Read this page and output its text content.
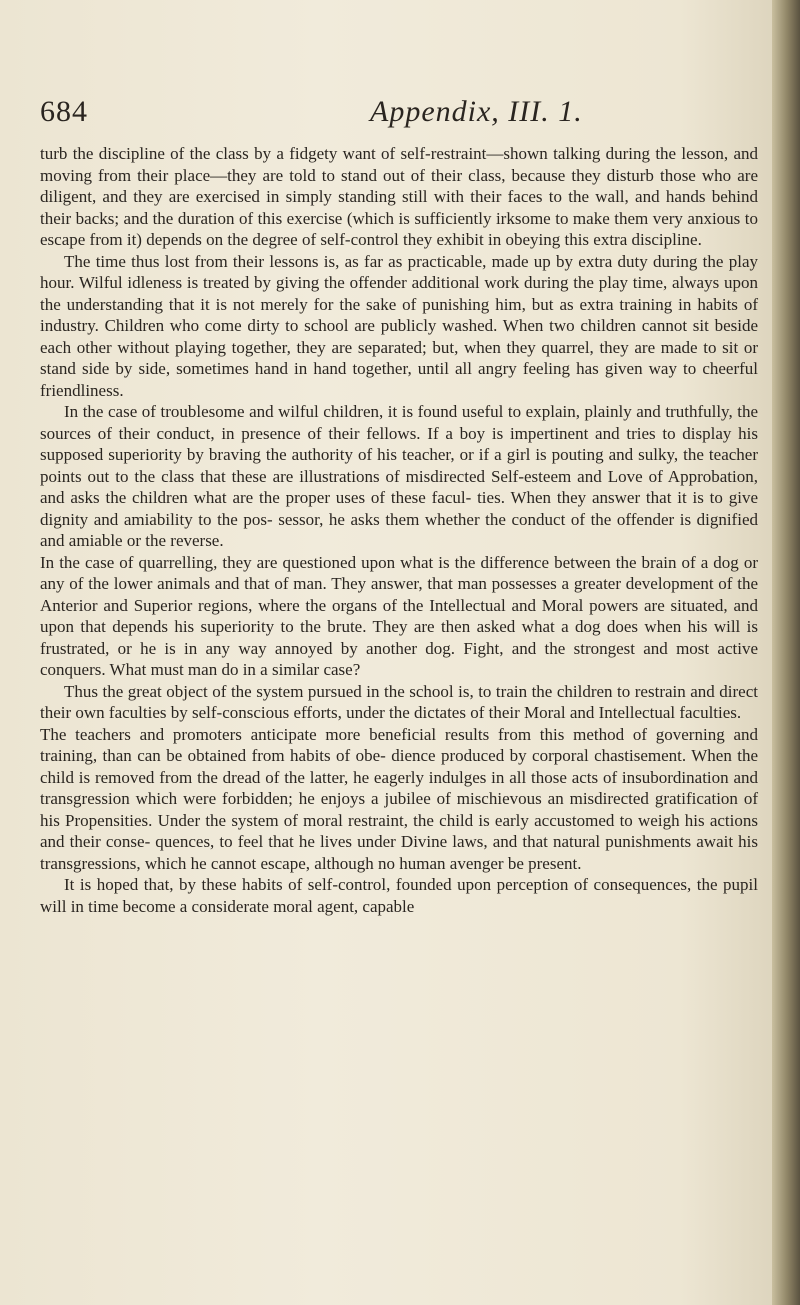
684	Appendix, III. 1.

turb the discipline of the class by a fidgety want of self-restraint—shown talking during the lesson, and moving from their place—they are told to stand out of their class, because they disturb those who are diligent, and they are exercised in simply standing still with their faces to the wall, and hands behind their backs; and the duration of this exercise (which is sufficiently irksome to make them very anxious to escape from it) depends on the degree of self-control they exhibit in obeying this extra discipline.

The time thus lost from their lessons is, as far as practicable, made up by extra duty during the play hour. Wilful idleness is treated by giving the offender additional work during the play time, always upon the understanding that it is not merely for the sake of punishing him, but as extra training in habits of industry. Children who come dirty to school are publicly washed. When two children cannot sit beside each other without playing together, they are separated; but, when they quarrel, they are made to sit or stand side by side, sometimes hand in hand together, until all angry feeling has given way to cheerful friendliness.

In the case of troublesome and wilful children, it is found useful to explain, plainly and truthfully, the sources of their conduct, in presence of their fellows. If a boy is impertinent and tries to display his supposed superiority by braving the authority of his teacher, or if a girl is pouting and sulky, the teacher points out to the class that these are illustrations of misdirected Self-esteem and Love of Approbation, and asks the children what are the proper uses of these facul- ties. When they answer that it is to give dignity and amiability to the pos- sessor, he asks them whether the conduct of the offender is dignified and amiable or the reverse.

In the case of quarrelling, they are questioned upon what is the difference between the brain of a dog or any of the lower animals and that of man. They answer, that man possesses a greater development of the Anterior and Superior regions, where the organs of the Intellectual and Moral powers are situated, and upon that depends his superiority to the brute. They are then asked what a dog does when his will is frustrated, or he is in any way annoyed by another dog. Fight, and the strongest and most active conquers. What must man do in a similar case?

Thus the great object of the system pursued in the school is, to train the children to restrain and direct their own faculties by self-conscious efforts, under the dictates of their Moral and Intellectual faculties.

The teachers and promoters anticipate more beneficial results from this method of governing and training, than can be obtained from habits of obe- dience produced by corporal chastisement. When the child is removed from the dread of the latter, he eagerly indulges in all those acts of insubordination and transgression which were forbidden; he enjoys a jubilee of mischievous an misdirected gratification of his Propensities. Under the system of moral restraint, the child is early accustomed to weigh his actions and their conse- quences, to feel that he lives under Divine laws, and that natural punishments await his transgressions, which he cannot escape, although no human avenger be present.

It is hoped that, by these habits of self-control, founded upon perception of consequences, the pupil will in time become a considerate moral agent, capable
